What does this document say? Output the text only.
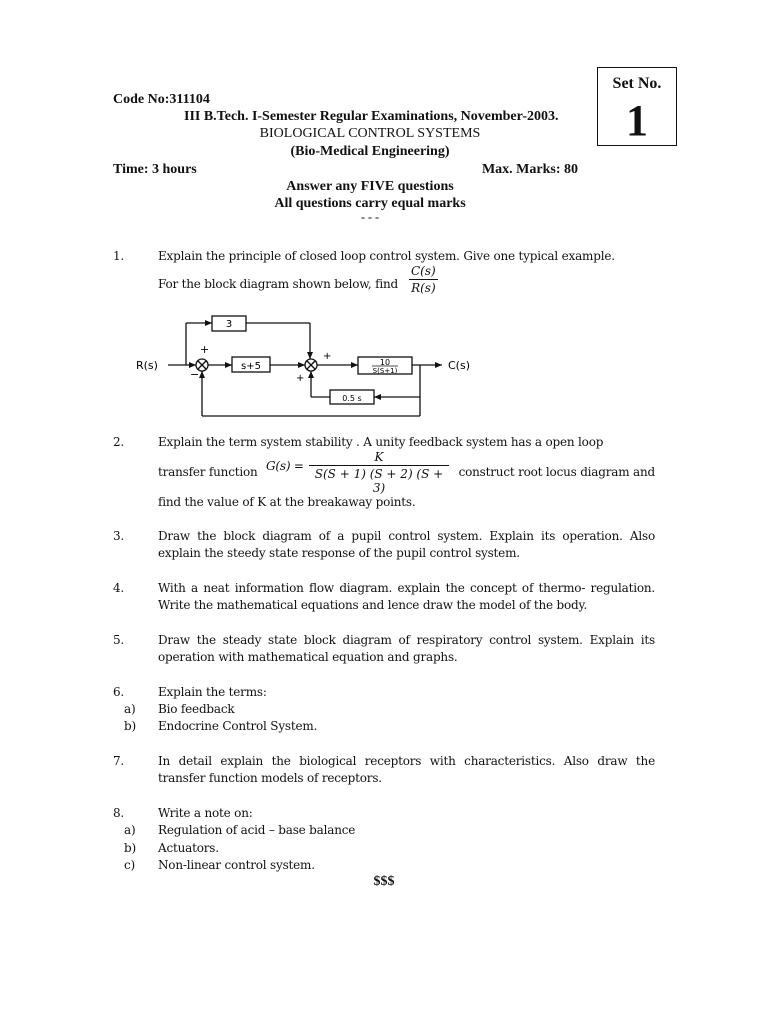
Set No.
1
Code No:311104
III B.Tech. I-Semester Regular Examinations, November-2003.
BIOLOGICAL CONTROL SYSTEMS
(Bio-Medical Engineering)
Time: 3 hours	Max. Marks: 80
Answer any FIVE questions
All questions carry equal marks
- - -
1.	Explain the principle of closed loop control system. Give one typical example.
For the block diagram shown below, find $\frac{C(s)}{R(s)}$
R(s)	C(s)
3
s+5	10
S(S+1)
0.5 s
+
−
+
+
2.	Explain the term system stability . A unity feedback system has a open loop
transfer function $G(s) = \frac{K}{S(S + 1) (S + 2) (S + 3)}$ construct root locus diagram and
find the value of K at the breakaway points.
3.	Draw the block diagram of a pupil control system. Explain its operation. Also explain the steedy state response of the pupil control system.
4.	With a neat information flow diagram. explain the concept of thermo- regulation. Write the mathematical equations and lence draw the model of the body.
5.	Draw the steady state block diagram of respiratory control system. Explain its operation with mathematical equation and graphs.
6.	Explain the terms:
a) Bio feedback
b) Endocrine Control System.
7.	In detail explain the biological receptors with characteristics. Also draw the transfer function models of receptors.
8.	Write a note on:
a) Regulation of acid – base balance
b) Actuators.
c) Non-linear control system.
$$$
